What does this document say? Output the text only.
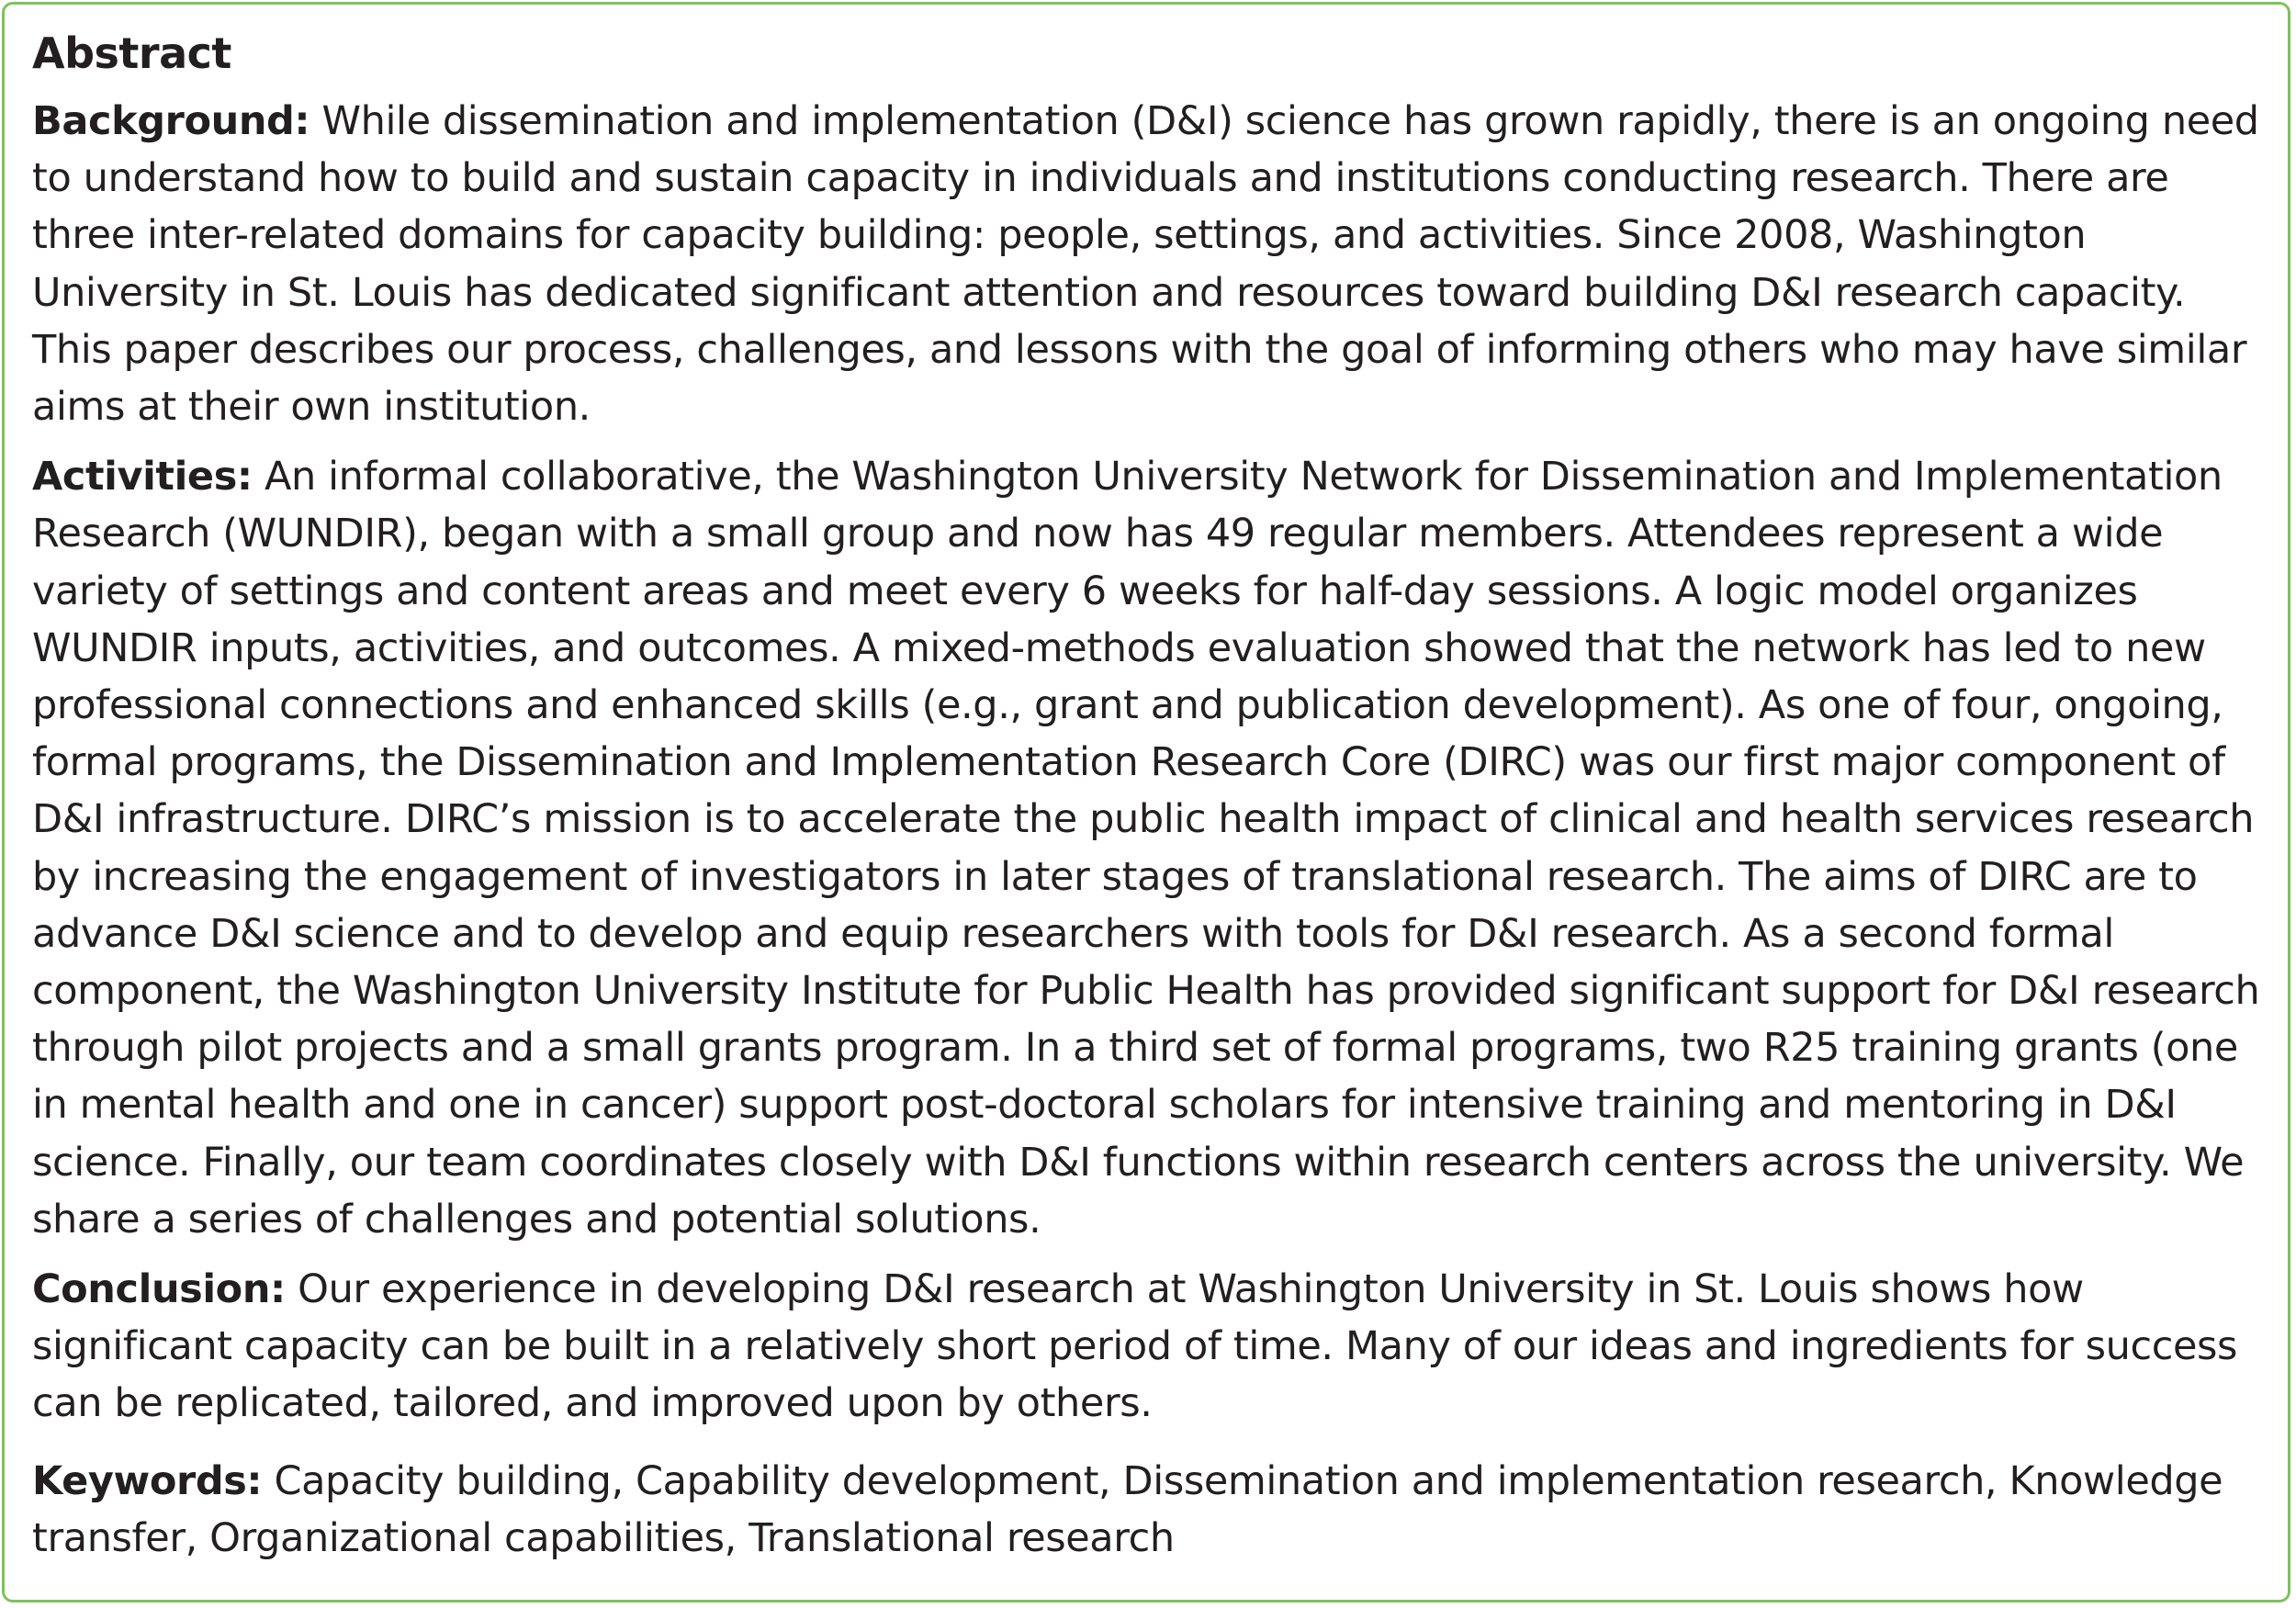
Abstract

Background: While dissemination and implementation (D&I) science has grown rapidly, there is an ongoing need to understand how to build and sustain capacity in individuals and institutions conducting research. There are three inter-related domains for capacity building: people, settings, and activities. Since 2008, Washington University in St. Louis has dedicated significant attention and resources toward building D&I research capacity. This paper describes our process, challenges, and lessons with the goal of informing others who may have similar aims at their own institution.

Activities: An informal collaborative, the Washington University Network for Dissemination and Implementation Research (WUNDIR), began with a small group and now has 49 regular members. Attendees represent a wide variety of settings and content areas and meet every 6 weeks for half-day sessions. A logic model organizes WUNDIR inputs, activities, and outcomes. A mixed-methods evaluation showed that the network has led to new professional connections and enhanced skills (e.g., grant and publication development). As one of four, ongoing, formal programs, the Dissemination and Implementation Research Core (DIRC) was our first major component of D&I infrastructure. DIRC’s mission is to accelerate the public health impact of clinical and health services research by increasing the engagement of investigators in later stages of translational research. The aims of DIRC are to advance D&I science and to develop and equip researchers with tools for D&I research. As a second formal component, the Washington University Institute for Public Health has provided significant support for D&I research through pilot projects and a small grants program. In a third set of formal programs, two R25 training grants (one in mental health and one in cancer) support post-doctoral scholars for intensive training and mentoring in D&I science. Finally, our team coordinates closely with D&I functions within research centers across the university. We share a series of challenges and potential solutions.

Conclusion: Our experience in developing D&I research at Washington University in St. Louis shows how significant capacity can be built in a relatively short period of time. Many of our ideas and ingredients for success can be replicated, tailored, and improved upon by others.

Keywords: Capacity building, Capability development, Dissemination and implementation research, Knowledge transfer, Organizational capabilities, Translational research
